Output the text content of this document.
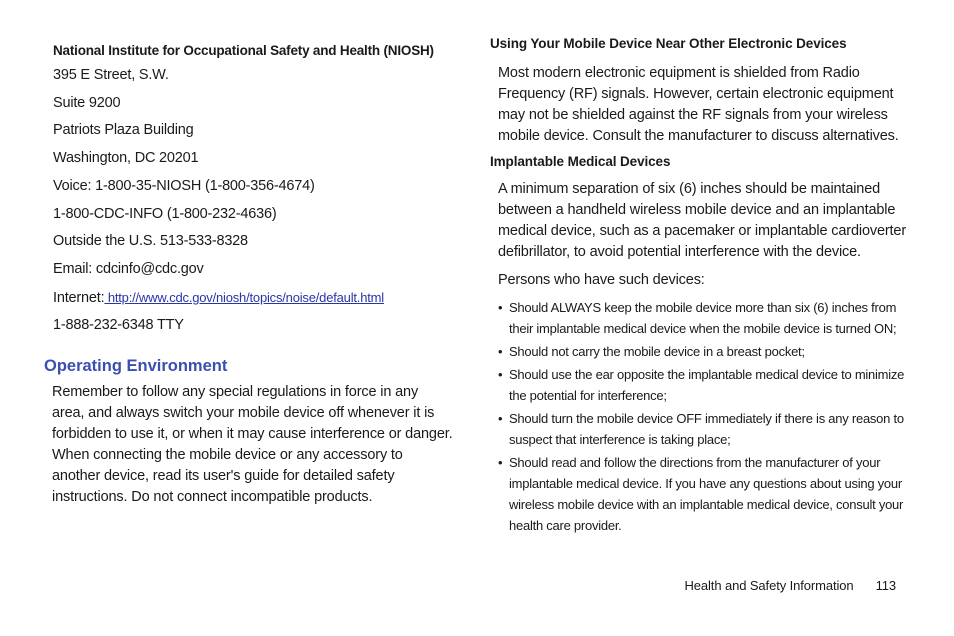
National Institute for Occupational Safety and Health (NIOSH)

395 E Street, S.W.

Suite 9200

Patriots Plaza Building

Washington, DC 20201

Voice: 1-800-35-NIOSH (1-800-356-4674)

1-800-CDC-INFO (1-800-232-4636)

Outside the U.S. 513-533-8328

Email: cdcinfo@cdc.gov

Internet: http://www.cdc.gov/niosh/topics/noise/default.html

1-888-232-6348 TTY

Operating Environment

Remember to follow any special regulations in force in any area, and always switch your mobile device off whenever it is forbidden to use it, or when it may cause interference or danger. When connecting the mobile device or any accessory to another device, read its user's guide for detailed safety instructions. Do not connect incompatible products.

Using Your Mobile Device Near Other Electronic Devices

Most modern electronic equipment is shielded from Radio Frequency (RF) signals. However, certain electronic equipment may not be shielded against the RF signals from your wireless mobile device. Consult the manufacturer to discuss alternatives.

Implantable Medical Devices

A minimum separation of six (6) inches should be maintained between a handheld wireless mobile device and an implantable medical device, such as a pacemaker or implantable cardioverter defibrillator, to avoid potential interference with the device.

Persons who have such devices:

• Should ALWAYS keep the mobile device more than six (6) inches from their implantable medical device when the mobile device is turned ON;
• Should not carry the mobile device in a breast pocket;
• Should use the ear opposite the implantable medical device to minimize the potential for interference;
• Should turn the mobile device OFF immediately if there is any reason to suspect that interference is taking place;
• Should read and follow the directions from the manufacturer of your implantable medical device. If you have any questions about using your wireless mobile device with an implantable medical device, consult your health care provider.
Health and Safety Information 113
